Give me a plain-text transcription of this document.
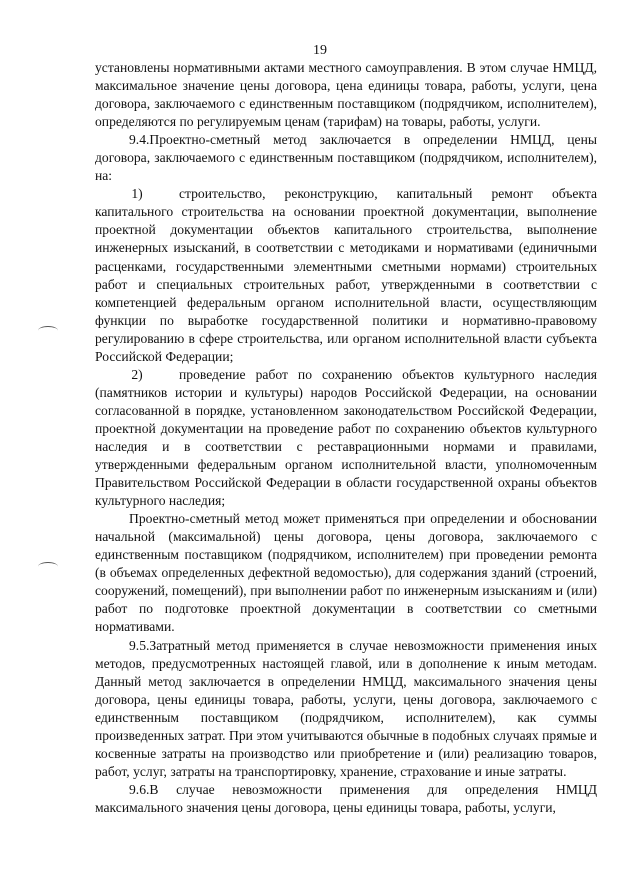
19

установлены нормативными актами местного самоуправления. В этом случае НМЦД, максимальное значение цены договора, цена единицы товара, работы, услуги, цена договора, заключаемого с единственным поставщиком (подрядчиком, исполнителем), определяются по регулируемым ценам (тарифам) на товары, работы, услуги.

9.4.Проектно-сметный метод заключается в определении НМЦД, цены договора, заключаемого с единственным поставщиком (подрядчиком, исполнителем), на:

1)	строительство, реконструкцию, капитальный ремонт объекта капитального строительства на основании проектной документации, выполнение проектной документации объектов капитального строительства, выполнение инженерных изысканий, в соответствии с методиками и нормативами (единичными расценками, государственными элементными сметными нормами) строительных работ и специальных строительных работ, утвержденными в соответствии с компетенцией федеральным органом исполнительной власти, осуществляющим функции по выработке государственной политики и нормативно-правовому регулированию в сфере строительства, или органом исполнительной власти субъекта Российской Федерации;

2)	проведение работ по сохранению объектов культурного наследия (памятников истории и культуры) народов Российской Федерации, на основании согласованной в порядке, установленном законодательством Российской Федерации, проектной документации на проведение работ по сохранению объектов культурного наследия и в соответствии с реставрационными нормами и правилами, утвержденными федеральным органом исполнительной власти, уполномоченным Правительством Российской Федерации в области государственной охраны объектов культурного наследия;

Проектно-сметный метод может применяться при определении и обосновании начальной (максимальной) цены договора, цены договора, заключаемого с единственным поставщиком (подрядчиком, исполнителем) при проведении ремонта (в объемах определенных дефектной ведомостью), для содержания зданий (строений, сооружений, помещений), при выполнении работ по инженерным изысканиям и (или) работ по подготовке проектной документации в соответствии со сметными нормативами.

9.5.Затратный метод применяется в случае невозможности применения иных методов, предусмотренных настоящей главой, или в дополнение к иным методам. Данный метод заключается в определении НМЦД, максимального значения цены договора, цены единицы товара, работы, услуги, цены договора, заключаемого с единственным поставщиком (подрядчиком, исполнителем), как суммы произведенных затрат. При этом учитываются обычные в подобных случаях прямые и косвенные затраты на производство или приобретение и (или) реализацию товаров, работ, услуг, затраты на транспортировку, хранение, страхование и иные затраты.

9.6.В случае невозможности применения для определения НМЦД максимального значения цены договора, цены единицы товара, работы, услуги,
